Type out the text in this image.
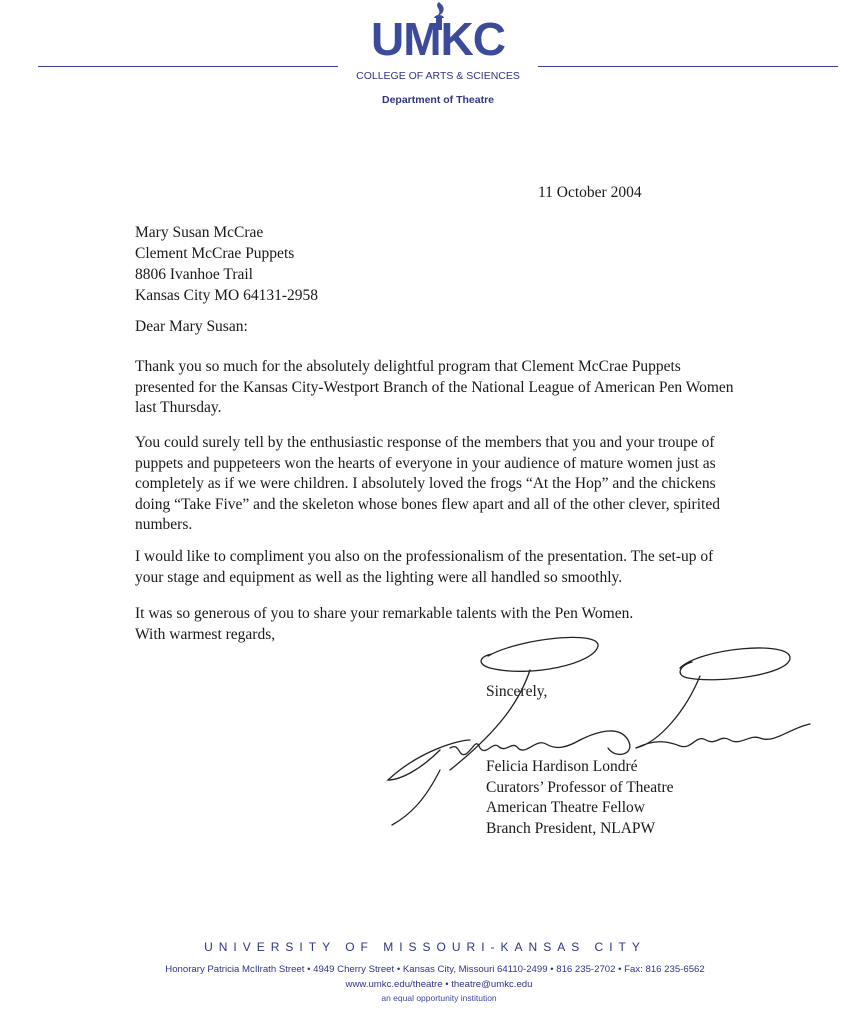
UMKC
COLLEGE OF ARTS & SCIENCES
Department of Theatre
11 October 2004
Mary Susan McCrae
Clement McCrae Puppets
8806 Ivanhoe Trail
Kansas City MO 64131-2958
Dear Mary Susan:
Thank you so much for the absolutely delightful program that Clement McCrae Puppets presented for the Kansas City-Westport Branch of the National League of American Pen Women last Thursday.
You could surely tell by the enthusiastic response of the members that you and your troupe of puppets and puppeteers won the hearts of everyone in your audience of mature women just as completely as if we were children. I absolutely loved the frogs “At the Hop” and the chickens doing “Take Five” and the skeleton whose bones flew apart and all of the other clever, spirited numbers.
I would like to compliment you also on the professionalism of the presentation. The set-up of your stage and equipment as well as the lighting were all handled so smoothly.
It was so generous of you to share your remarkable talents with the Pen Women.
With warmest regards,
Sincerely,
Felicia Hardison Londré
Curators’ Professor of Theatre
American Theatre Fellow
Branch President, NLAPW
UNIVERSITY OF MISSOURI-KANSAS CITY
Honorary Patricia McIlrath Street • 4949 Cherry Street • Kansas City, Missouri 64110-2499 • 816 235-2702 • Fax: 816 235-6562
www.umkc.edu/theatre • theatre@umkc.edu
an equal opportunity institution
